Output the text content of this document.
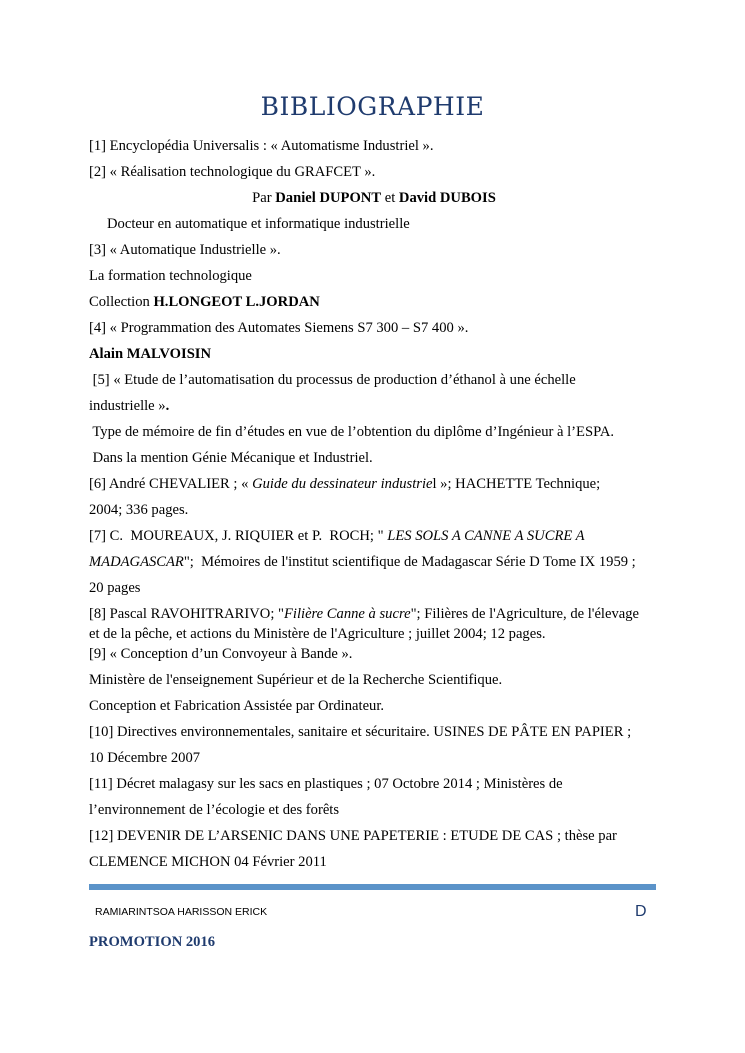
BIBLIOGRAPHIE
[1] Encyclopédia Universalis : « Automatisme Industriel ».
[2] « Réalisation technologique du GRAFCET ».
Par Daniel DUPONT et David DUBOIS
Docteur en automatique et informatique industrielle
[3] « Automatique Industrielle ».
La formation technologique
Collection H.LONGEOT L.JORDAN
[4] « Programmation des Automates Siemens S7 300 – S7 400 ».
Alain MALVOISIN
[5] « Etude de l’automatisation du processus de production d’éthanol à une échelle
industrielle ».
Type de mémoire de fin d’études en vue de l’obtention du diplôme d’Ingénieur à l’ESPA.
Dans la mention Génie Mécanique et Industriel.
[6] André CHEVALIER ; « Guide du dessinateur industriel »; HACHETTE Technique;
2004; 336 pages.
[7] C.  MOUREAUX, J. RIQUIER et P.  ROCH; " LES SOLS A CANNE A SUCRE A
MADAGASCAR";  Mémoires de l'institut scientifique de Madagascar Série D Tome IX 1959 ;
20 pages
[8] Pascal RAVOHITRARIVO; "Filière Canne à sucre"; Filières de l'Agriculture, de l'élevage
et de la pêche, et actions du Ministère de l'Agriculture ; juillet 2004; 12 pages.
[9] « Conception d’un Convoyeur à Bande ».
Ministère de l'enseignement Supérieur et de la Recherche Scientifique.
Conception et Fabrication Assistée par Ordinateur.
[10] Directives environnementales, sanitaire et sécuritaire. USINES DE PÂTE EN PAPIER ;
10 Décembre 2007
[11] Décret malagasy sur les sacs en plastiques ; 07 Octobre 2014 ; Ministères de
l’environnement de l’écologie et des forêts
[12] DEVENIR DE L’ARSENIC DANS UNE PAPETERIE : ETUDE DE CAS ; thèse par
CLEMENCE MICHON 04 Février 2011
RAMIARINTSOA HARISSON ERICK	D
PROMOTION 2016
